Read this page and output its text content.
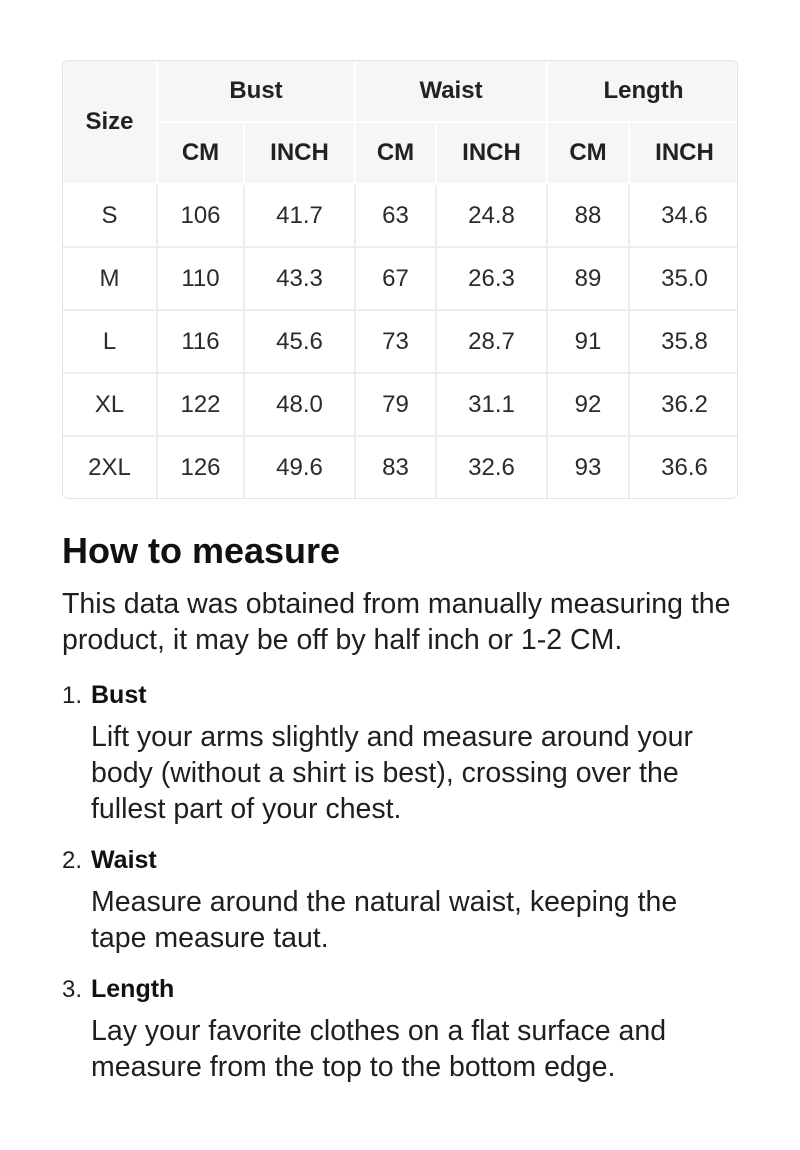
Size	Bust		Waist		Length	
	CM	INCH	CM	INCH	CM	INCH
S	106	41.7	63	24.8	88	34.6
M	110	43.3	67	26.3	89	35.0
L	116	45.6	73	28.7	91	35.8
XL	122	48.0	79	31.1	92	36.2
2XL	126	49.6	83	32.6	93	36.6
How to measure

This data was obtained from manually measuring the product, it may be off by half inch or 1-2 CM.

1. Bust

Lift your arms slightly and measure around your body (without a shirt is best), crossing over the fullest part of your chest.

2. Waist

Measure around the natural waist, keeping the tape measure taut.

3. Length

Lay your favorite clothes on a flat surface and measure from the top to the bottom edge.
